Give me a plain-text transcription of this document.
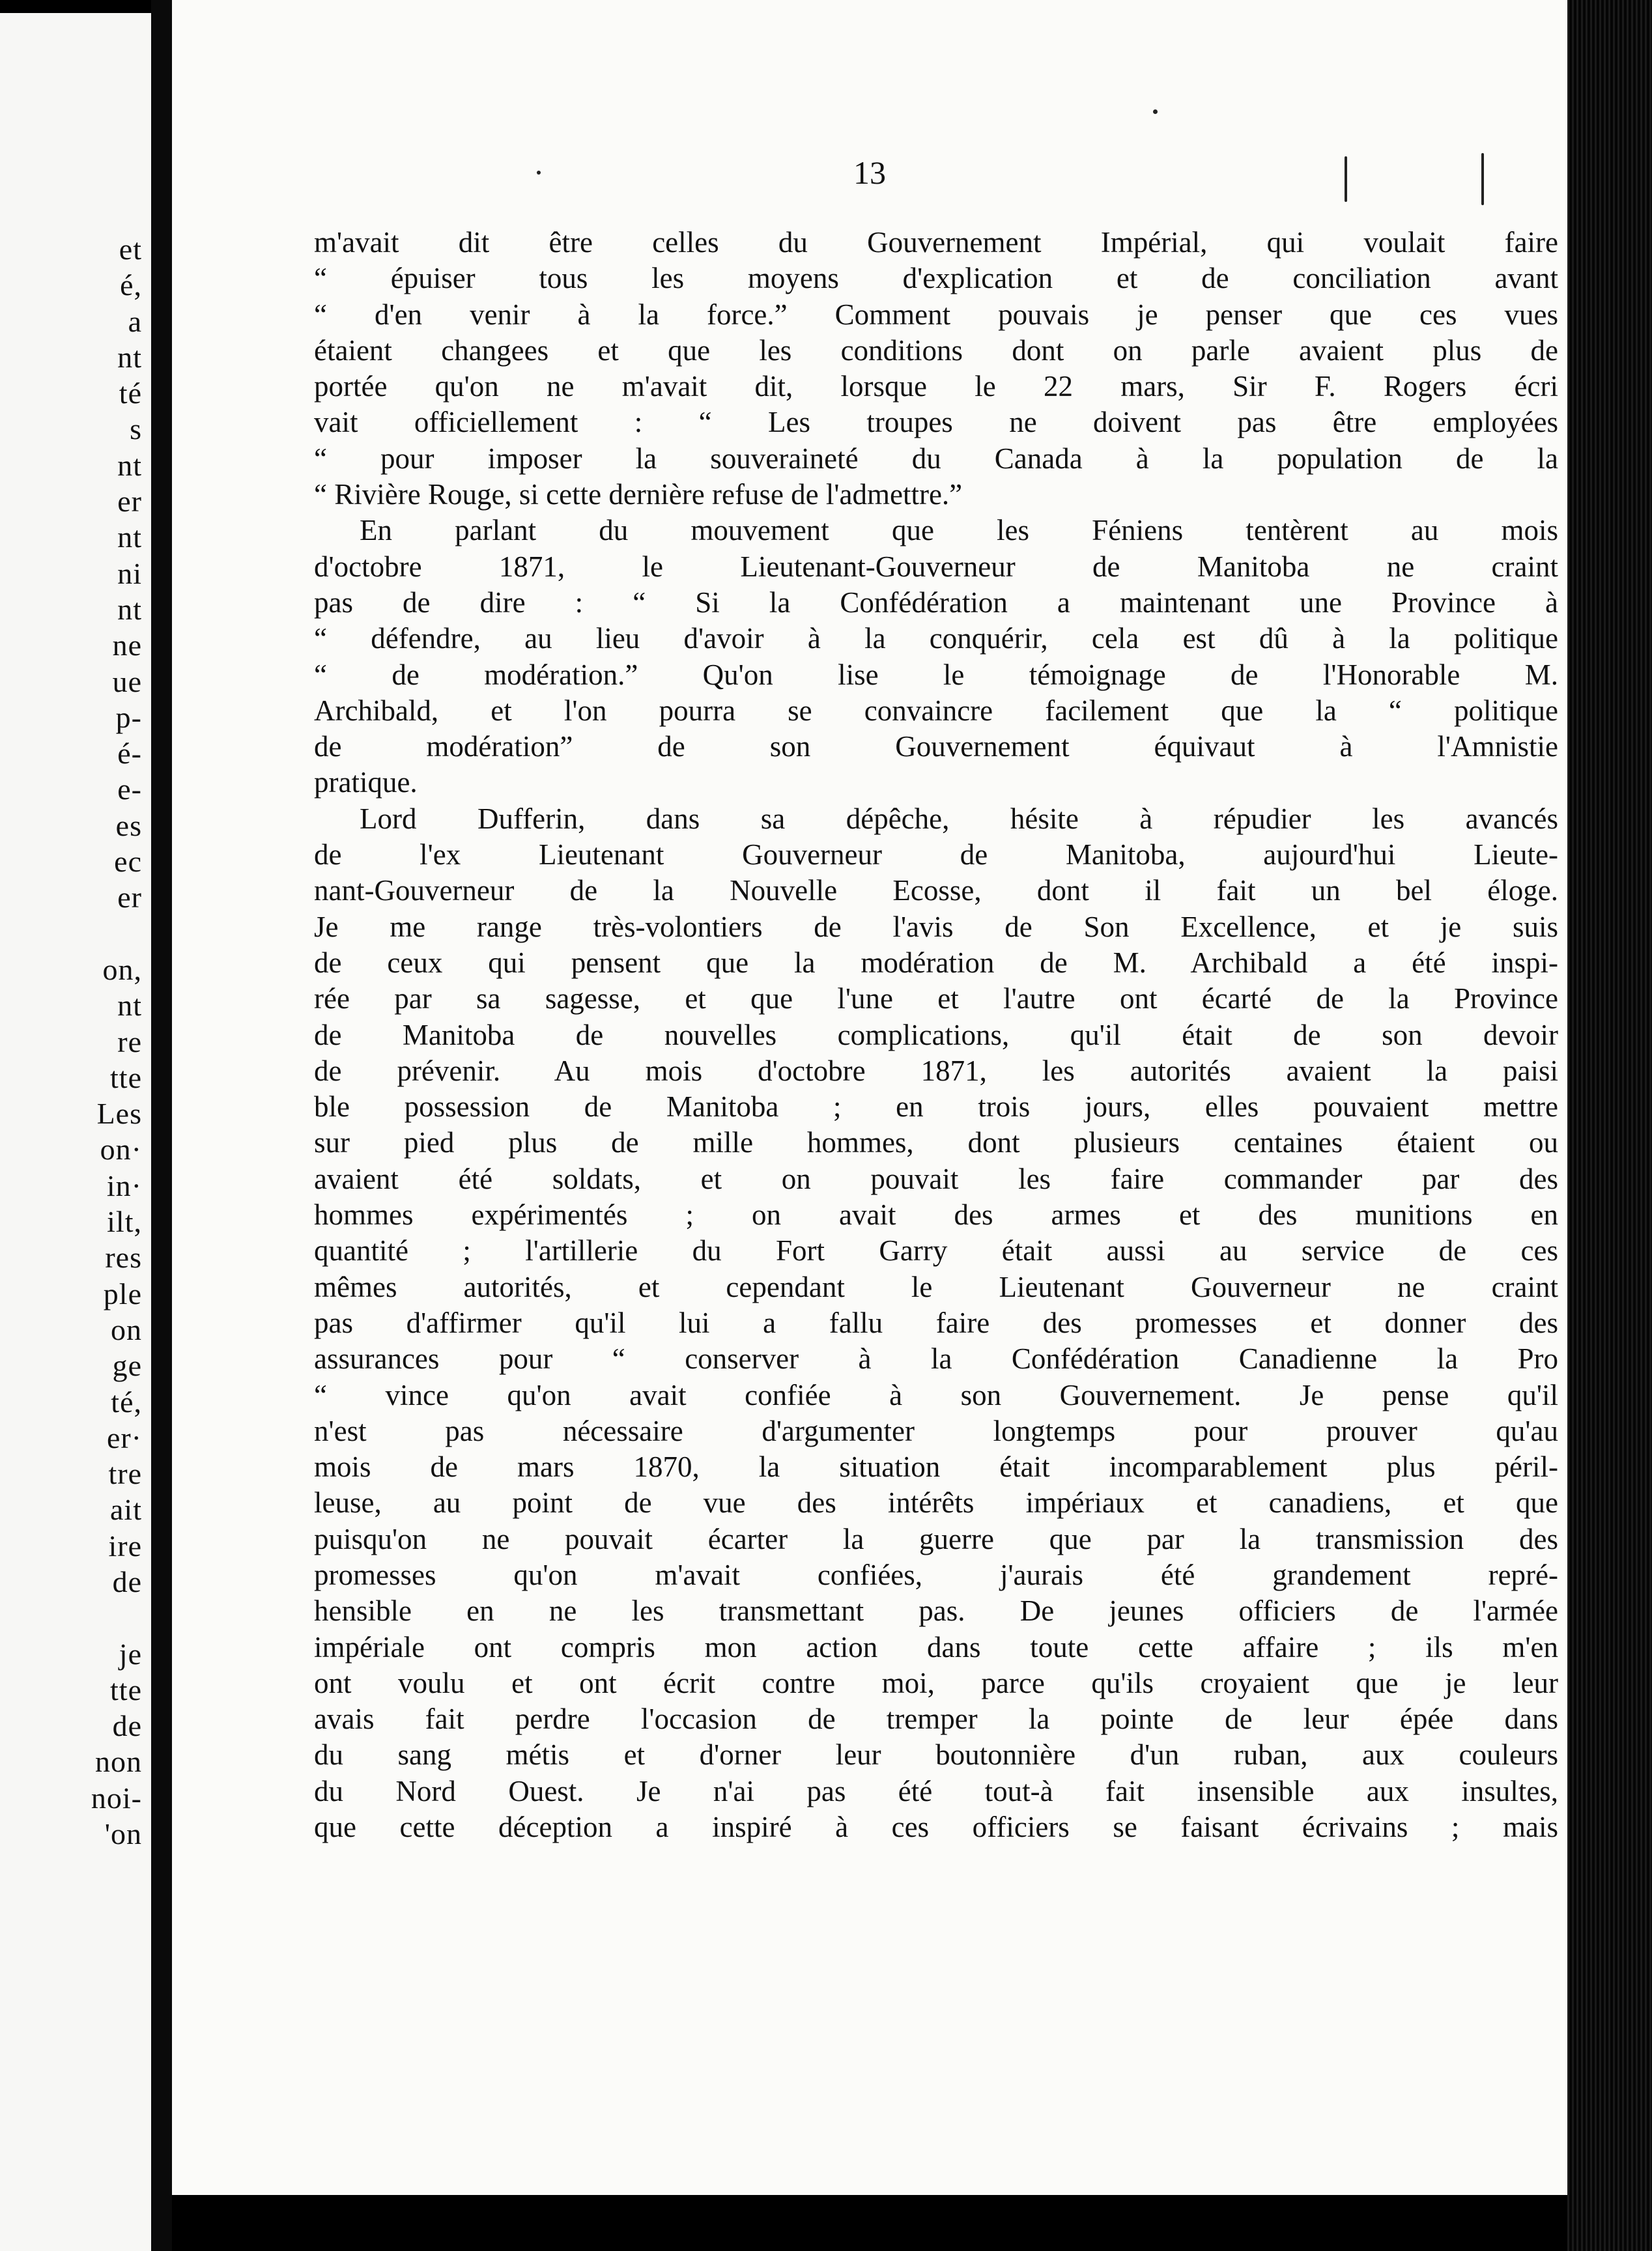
et
é,
a
nt
té
s
nt
er
nt
ni
nt
ne
ue
p-
é-
e-
es
ec
er
on,
nt
re
tte
Les
on·
in·
ilt,
res
ple
on
ge
té,
er·
tre
ait
ire
de
je
tte
de
non
noi-
'on
13
m'avait dit être celles du Gouvernement Impérial, qui voulait faire
“ épuiser tous les moyens d'explication et de conciliation avant
“ d'en venir à la force.” Comment pouvais je penser que ces vues
étaient changees et que les conditions dont on parle avaient plus de
portée qu'on ne m'avait dit, lorsque le 22 mars, Sir F. Rogers écri
vait officiellement : “ Les troupes ne doivent pas être employées
“ pour imposer la souveraineté du Canada à la population de la
“ Rivière Rouge, si cette dernière refuse de l'admettre.”
En parlant du mouvement que les Féniens tentèrent au mois
d'octobre 1871, le Lieutenant-Gouverneur de Manitoba ne craint
pas de dire : “ Si la Confédération a maintenant une Province à
“ défendre, au lieu d'avoir à la conquérir, cela est dû à la politique
“ de modération.” Qu'on lise le témoignage de l'Honorable M.
Archibald, et l'on pourra se convaincre facilement que la “ politique
de modération” de son Gouvernement équivaut à l'Amnistie
pratique.
Lord Dufferin, dans sa dépêche, hésite à répudier les avancés
de l'ex Lieutenant Gouverneur de Manitoba, aujourd'hui Lieute-
nant-Gouverneur de la Nouvelle Ecosse, dont il fait un bel éloge.
Je me range très-volontiers de l'avis de Son Excellence, et je suis
de ceux qui pensent que la modération de M. Archibald a été inspi-
rée par sa sagesse, et que l'une et l'autre ont écarté de la Province
de Manitoba de nouvelles complications, qu'il était de son devoir
de prévenir. Au mois d'octobre 1871, les autorités avaient la paisi
ble possession de Manitoba ; en trois jours, elles pouvaient mettre
sur pied plus de mille hommes, dont plusieurs centaines étaient ou
avaient été soldats, et on pouvait les faire commander par des
hommes expérimentés ; on avait des armes et des munitions en
quantité ; l'artillerie du Fort Garry était aussi au service de ces
mêmes autorités, et cependant le Lieutenant Gouverneur ne craint
pas d'affirmer qu'il lui a fallu faire des promesses et donner des
assurances pour “ conserver à la Confédération Canadienne la Pro
“ vince qu'on avait confiée à son Gouvernement. Je pense qu'il
n'est pas nécessaire d'argumenter longtemps pour prouver qu'au
mois de mars 1870, la situation était incomparablement plus péril-
leuse, au point de vue des intérêts impériaux et canadiens, et que
puisqu'on ne pouvait écarter la guerre que par la transmission des
promesses qu'on m'avait confiées, j'aurais été grandement repré-
hensible en ne les transmettant pas. De jeunes officiers de l'armée
impériale ont compris mon action dans toute cette affaire ; ils m'en
ont voulu et ont écrit contre moi, parce qu'ils croyaient que je leur
avais fait perdre l'occasion de tremper la pointe de leur épée dans
du sang métis et d'orner leur boutonnière d'un ruban, aux couleurs
du Nord Ouest. Je n'ai pas été tout-à fait insensible aux insultes,
que cette déception a inspiré à ces officiers se faisant écrivains ; mais
